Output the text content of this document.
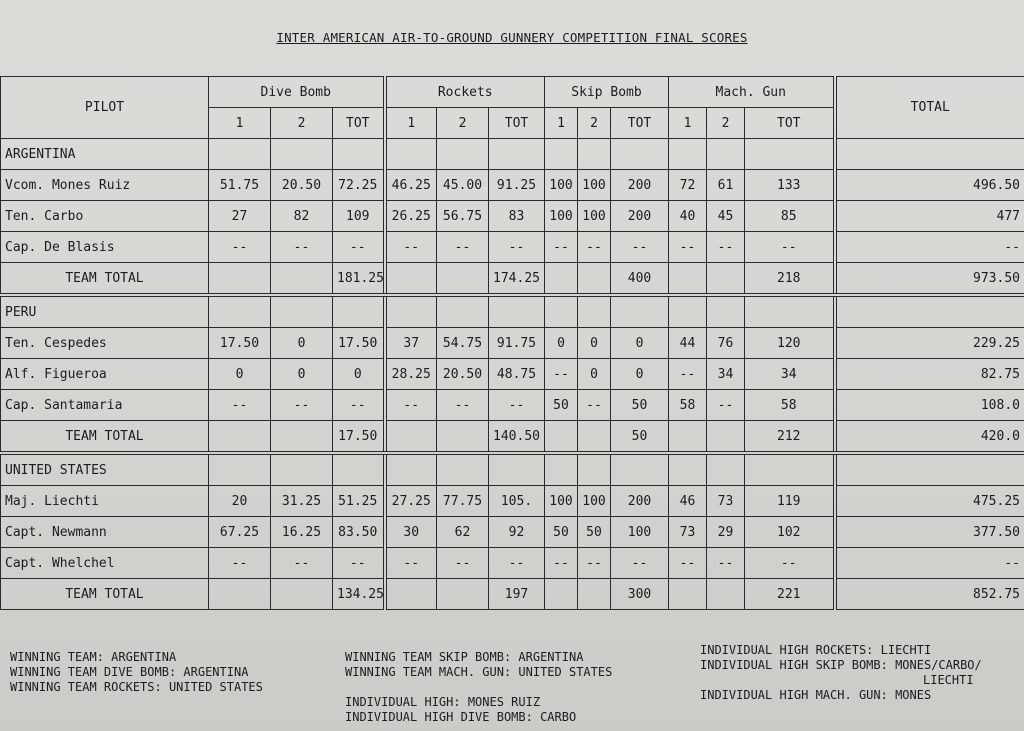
INTER AMERICAN AIR-TO-GROUND GUNNERY COMPETITION FINAL SCORES
PILOT	Dive Bomb			Rockets			Skip Bomb			Mach. Gun			TOTAL
	1	2	TOT	1	2	TOT	1	2	TOT	1	2	TOT	
ARGENTINA													
Vcom. Mones Ruiz	51.75	20.50	72.25	46.25	45.00	91.25	100	100	200	72	61	133	496.50
Ten. Carbo	27	82	109	26.25	56.75	83	100	100	200	40	45	85	477
Cap. De Blasis	--	--	--	--	--	--	--	--	--	--	--	--	--
TEAM TOTAL			181.25			174.25			400			218	973.50
PERU													
Ten. Cespedes	17.50	0	17.50	37	54.75	91.75	0	0	0	44	76	120	229.25
Alf. Figueroa	0	0	0	28.25	20.50	48.75	--	0	0	--	34	34	82.75
Cap. Santamaria	--	--	--	--	--	--	50	--	50	58	--	58	108.0
TEAM TOTAL			17.50			140.50			50			212	420.0
UNITED STATES													
Maj. Liechti	20	31.25	51.25	27.25	77.75	105.	100	100	200	46	73	119	475.25
Capt. Newmann	67.25	16.25	83.50	30	62	92	50	50	100	73	29	102	377.50
Capt. Whelchel	--	--	--	--	--	--	--	--	--	--	--	--	--
TEAM TOTAL			134.25			197			300			221	852.75
WINNING TEAM: ARGENTINA
WINNING TEAM DIVE BOMB: ARGENTINA
WINNING TEAM ROCKETS: UNITED STATES
WINNING TEAM SKIP BOMB: ARGENTINA
WINNING TEAM MACH. GUN: UNITED STATES
INDIVIDUAL HIGH: MONES RUIZ
INDIVIDUAL HIGH DIVE BOMB: CARBO
INDIVIDUAL HIGH ROCKETS: LIECHTI
INDIVIDUAL HIGH SKIP BOMB: MONES/CARBO/
LIECHTI
INDIVIDUAL HIGH MACH. GUN: MONES
